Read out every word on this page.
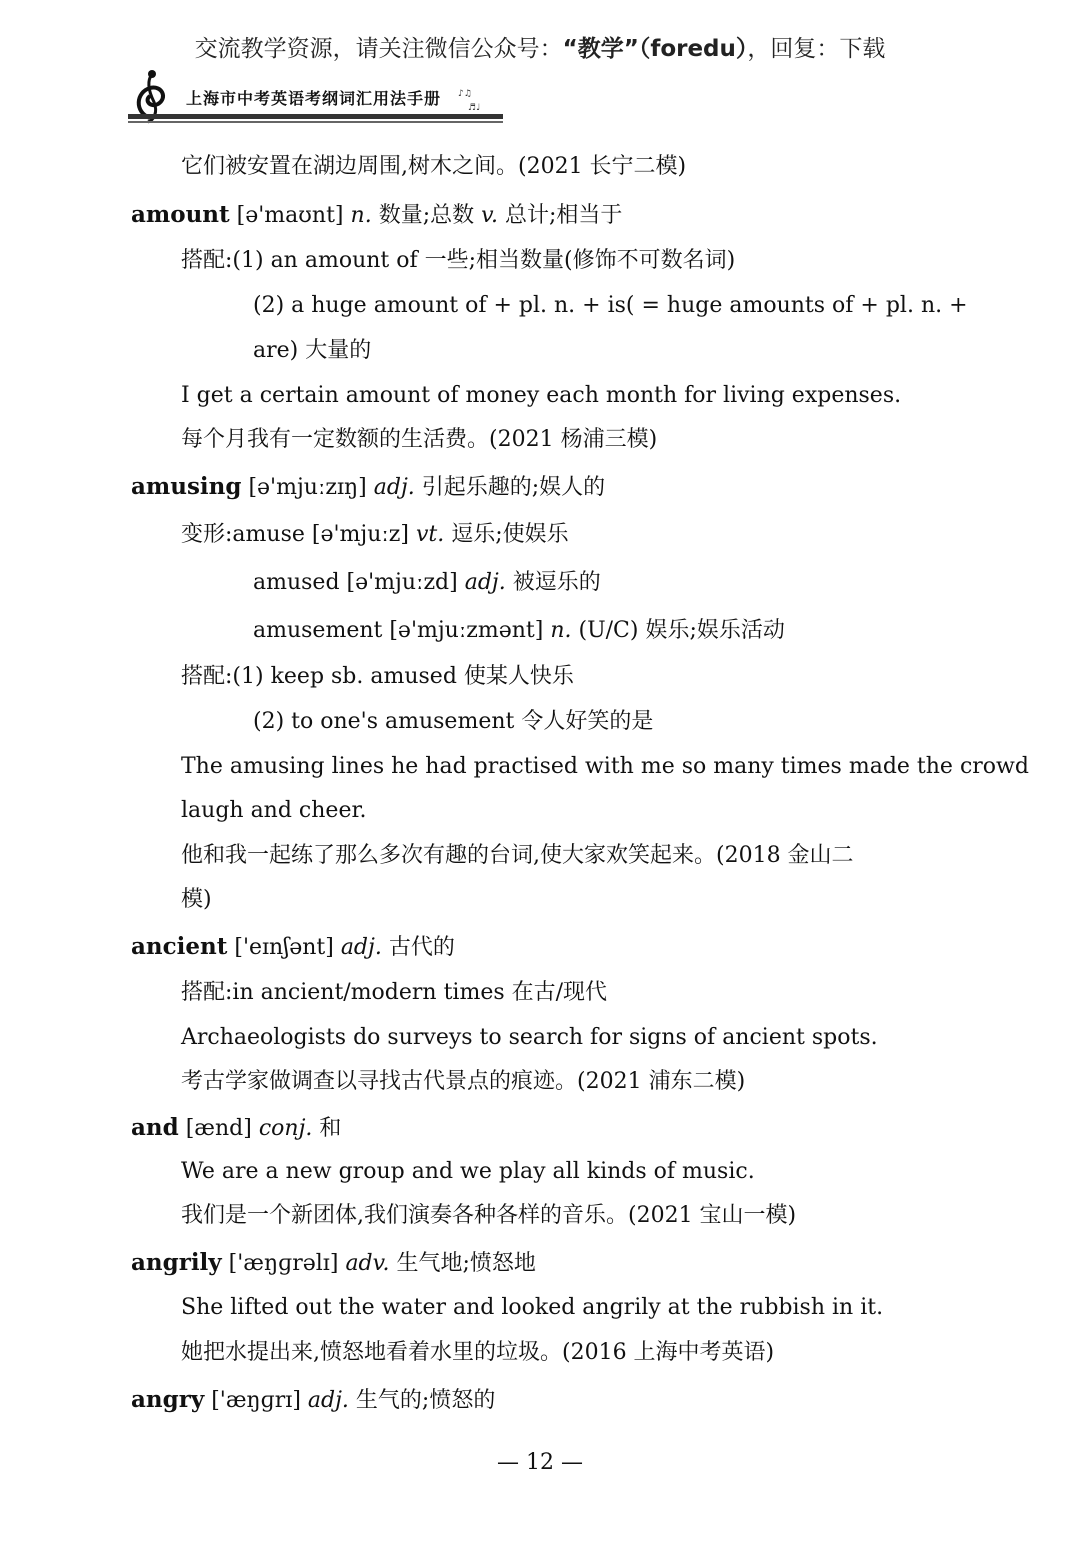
交流教学资源，请关注微信公众号：“教学”（foredu），回复：下载
♪♫
♬♩
上海市中考英语考纲词汇用法手册
它们被安置在湖边周围,树木之间。(2021 长宁二模)
amount [ə'maʊnt] n. 数量;总数 v. 总计;相当于
搭配:(1) an amount of 一些;相当数量(修饰不可数名词)
(2) a huge amount of + pl. n. + is( = huge amounts of + pl. n. +
are) 大量的
I get a certain amount of money each month for living expenses.
每个月我有一定数额的生活费。(2021 杨浦三模)
amusing [ə'mjuːzɪŋ] adj. 引起乐趣的;娱人的
变形:amuse [ə'mjuːz] vt. 逗乐;使娱乐
amused [ə'mjuːzd] adj. 被逗乐的
amusement [ə'mjuːzmənt] n. (U/C) 娱乐;娱乐活动
搭配:(1) keep sb. amused 使某人快乐
(2) to one's amusement 令人好笑的是
The amusing lines he had practised with me so many times made the crowd
laugh and cheer.
他和我一起练了那么多次有趣的台词,使大家欢笑起来。(2018 金山二
模)
ancient ['eɪnʃənt] adj. 古代的
搭配:in ancient/modern times 在古/现代
Archaeologists do surveys to search for signs of ancient spots.
考古学家做调查以寻找古代景点的痕迹。(2021 浦东二模)
and [ænd] conj. 和
We are a new group and we play all kinds of music.
我们是一个新团体,我们演奏各种各样的音乐。(2021 宝山一模)
angrily ['æŋɡrəlɪ] adv. 生气地;愤怒地
She lifted out the water and looked angrily at the rubbish in it.
她把水提出来,愤怒地看着水里的垃圾。(2016 上海中考英语)
angry ['æŋɡrɪ] adj. 生气的;愤怒的
— 12 —
